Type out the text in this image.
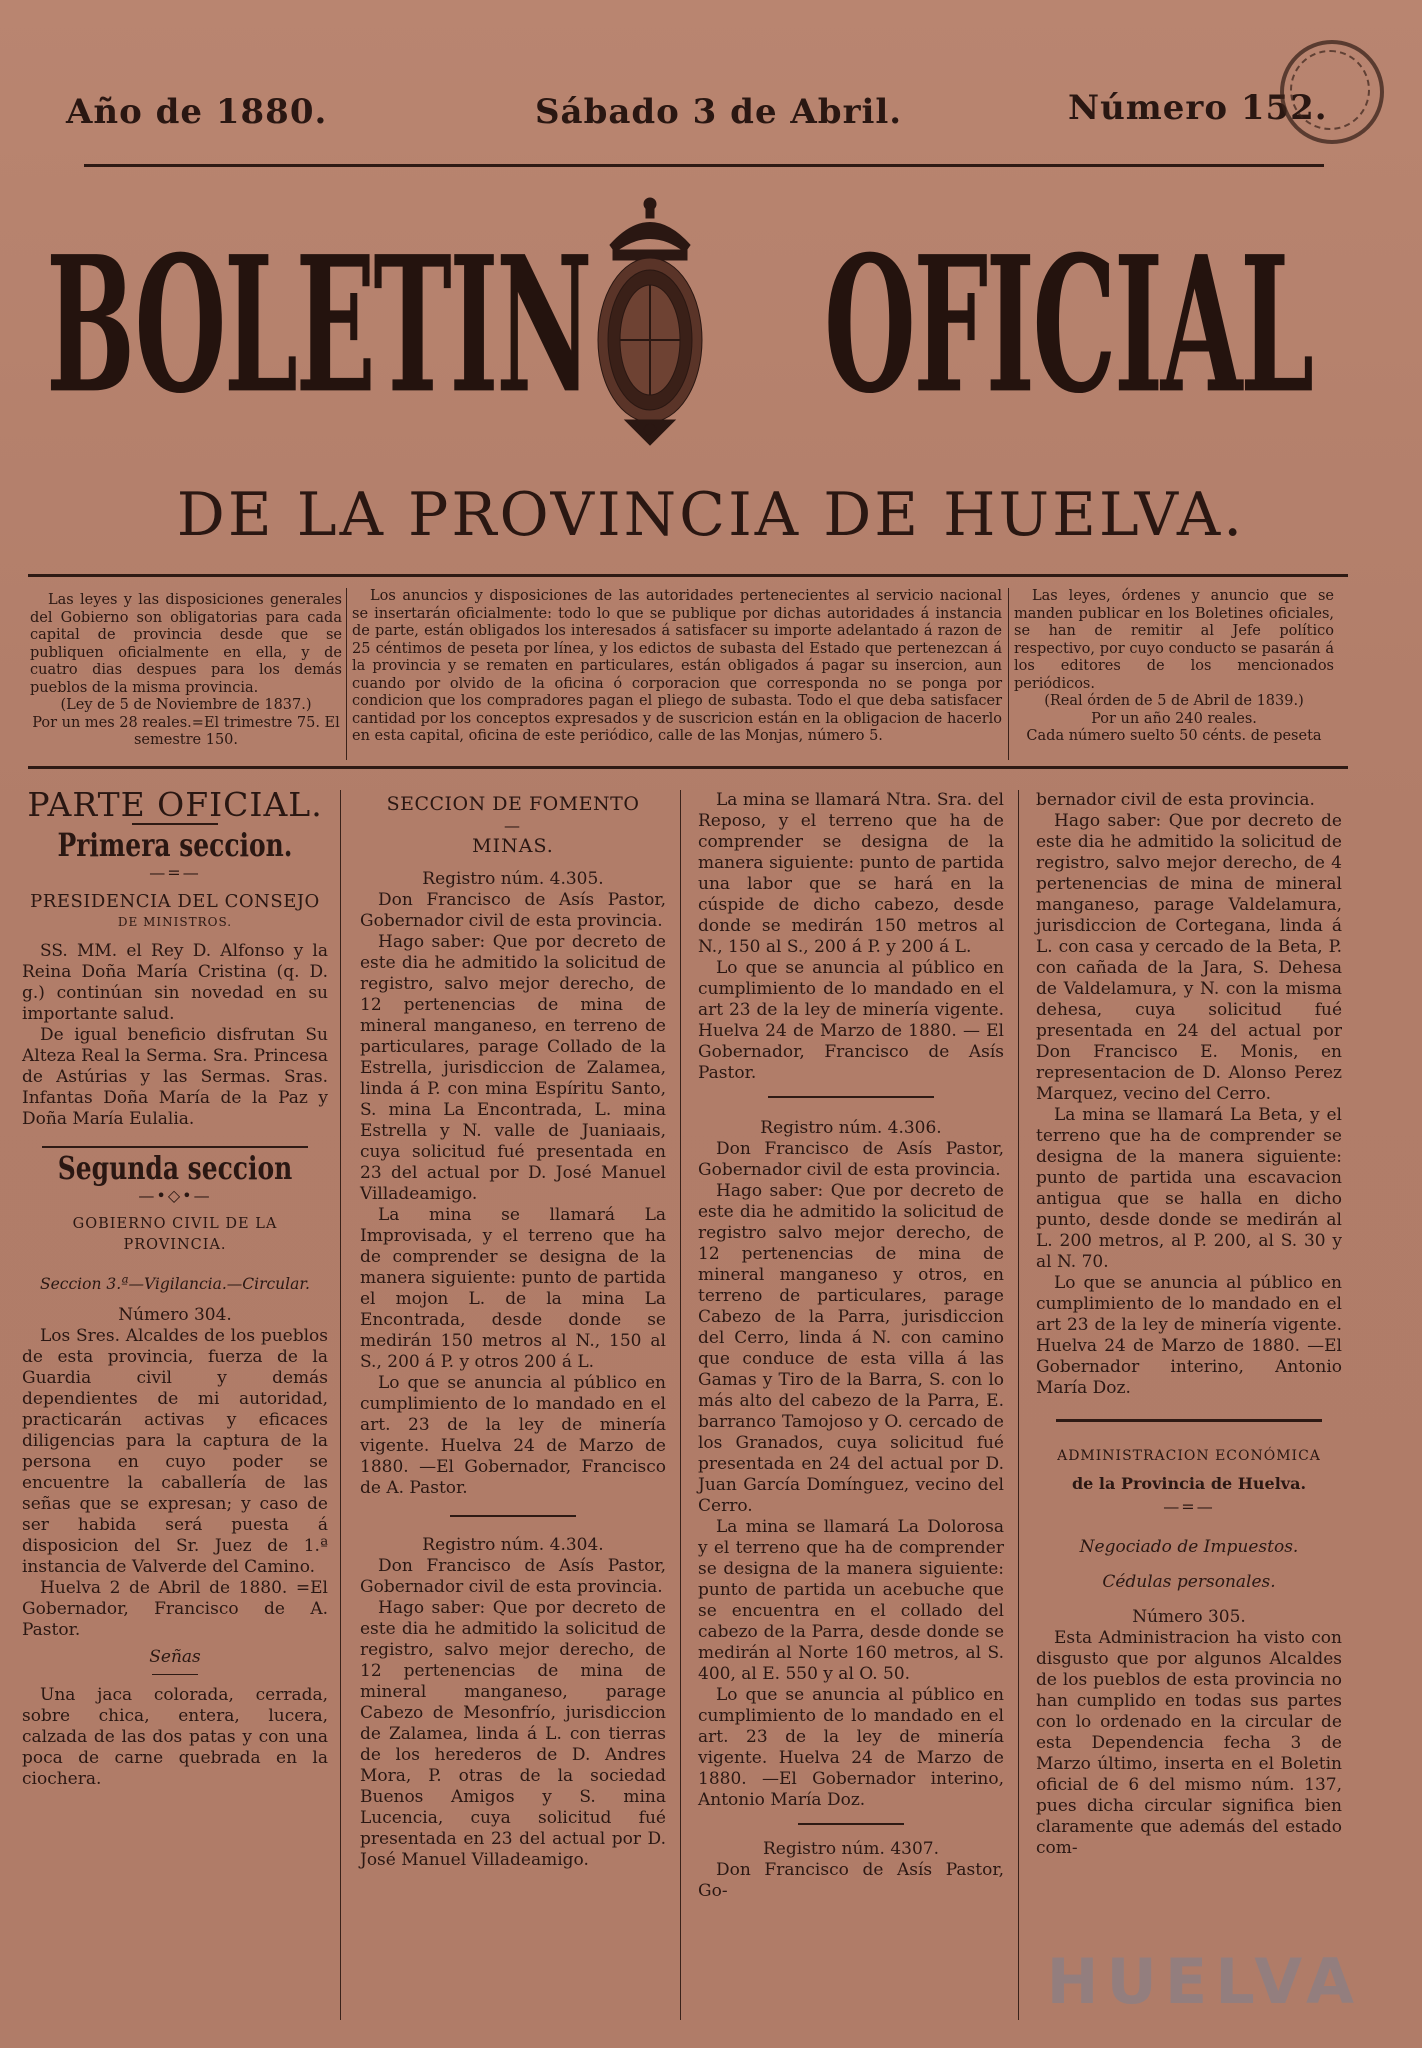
Año de 1880.	Sábado 3 de Abril.	Número 152.
BOLETIN OFICIAL
DE LA PROVINCIA DE HUELVA.

Las leyes y las disposiciones generales del Gobierno son obligatorias para cada capital de provincia desde que se publiquen oficialmente en ella, y de cuatro dias despues para los demás pueblos de la misma provincia.

(Ley de 5 de Noviembre de 1837.)

Por un mes 28 reales.=El trimestre 75. El semestre 150.

Los anuncios y disposiciones de las autoridades pertenecientes al servicio nacional se insertarán oficialmente: todo lo que se publique por dichas autoridades á instancia de parte, están obligados los interesados á satisfacer su importe adelantado á razon de 25 céntimos de peseta por línea, y los edictos de subasta del Estado que pertenezcan á la provincia y se rematen en particulares, están obligados á pagar su insercion, aun cuando por olvido de la oficina ó corporacion que corresponda no se ponga por condicion que los compradores pagan el pliego de subasta. Todo el que deba satisfacer cantidad por los conceptos expresados y de suscricion están en la obligacion de hacerlo en esta capital, oficina de este periódico, calle de las Monjas, número 5.

Las leyes, órdenes y anuncio que se manden publicar en los Boletines oficiales, se han de remitir al Jefe político respectivo, por cuyo conducto se pasarán á los editores de los mencionados periódicos.

(Real órden de 5 de Abril de 1839.)

Por un año 240 reales.

Cada número suelto 50 cénts. de peseta

PARTE OFICIAL.
Primera seccion.
—=—
PRESIDENCIA DEL CONSEJO
DE MINISTROS.

SS. MM. el Rey D. Alfonso y la Reina Doña María Cristina (q. D. g.) continúan sin novedad en su importante salud.

De igual beneficio disfrutan Su Alteza Real la Serma. Sra. Princesa de Astúrias y las Sermas. Sras. Infantas Doña María de la Paz y Doña María Eulalia.

Segunda seccion
—•◇•—
GOBIERNO CIVIL DE LA PROVINCIA.

Seccion 3.ª—Vigilancia.—Circular.

Número 304.

Los Sres. Alcaldes de los pueblos de esta provincia, fuerza de la Guardia civil y demás dependientes de mi autoridad, practicarán activas y eficaces diligencias para la captura de la persona en cuyo poder se encuentre la caballería de las señas que se expresan; y caso de ser habida será puesta á disposicion del Sr. Juez de 1.ª instancia de Valverde del Camino.

Huelva 2 de Abril de 1880. =El Gobernador, Francisco de A. Pastor.

Señas

Una jaca colorada, cerrada, sobre chica, entera, lucera, calzada de las dos patas y con una poca de carne quebrada en la ciochera.

SECCION DE FOMENTO
—
MINAS.

Registro núm. 4.305.

Don Francisco de Asís Pastor, Gobernador civil de esta provincia.

Hago saber: Que por decreto de este dia he admitido la solicitud de registro, salvo mejor derecho, de 12 pertenencias de mina de mineral manganeso, en terreno de particulares, parage Collado de la Estrella, jurisdiccion de Zalamea, linda á P. con mina Espíritu Santo, S. mina La Encontrada, L. mina Estrella y N. valle de Juaniaais, cuya solicitud fué presentada en 23 del actual por D. José Manuel Villadeamigo.

La mina se llamará La Improvisada, y el terreno que ha de comprender se designa de la manera siguiente: punto de partida el mojon L. de la mina La Encontrada, desde donde se medirán 150 metros al N., 150 al S., 200 á P. y otros 200 á L.

Lo que se anuncia al público en cumplimiento de lo mandado en el art. 23 de la ley de minería vigente. Huelva 24 de Marzo de 1880. —El Gobernador, Francisco de A. Pastor.

Registro núm. 4.304.

Don Francisco de Asís Pastor, Gobernador civil de esta provincia.

Hago saber: Que por decreto de este dia he admitido la solicitud de registro, salvo mejor derecho, de 12 pertenencias de mina de mineral manganeso, parage Cabezo de Mesonfrío, jurisdiccion de Zalamea, linda á L. con tierras de los herederos de D. Andres Mora, P. otras de la sociedad Buenos Amigos y S. mina Lucencia, cuya solicitud fué presentada en 23 del actual por D. José Manuel Villadeamigo.

La mina se llamará Ntra. Sra. del Reposo, y el terreno que ha de comprender se designa de la manera siguiente: punto de partida una labor que se hará en la cúspide de dicho cabezo, desde donde se medirán 150 metros al N., 150 al S., 200 á P. y 200 á L.

Lo que se anuncia al público en cumplimiento de lo mandado en el art 23 de la ley de minería vigente. Huelva 24 de Marzo de 1880. — El Gobernador, Francisco de Asís Pastor.

Registro núm. 4.306.

Don Francisco de Asís Pastor, Gobernador civil de esta provincia.

Hago saber: Que por decreto de este dia he admitido la solicitud de registro salvo mejor derecho, de 12 pertenencias de mina de mineral manganeso y otros, en terreno de particulares, parage Cabezo de la Parra, jurisdiccion del Cerro, linda á N. con camino que conduce de esta villa á las Gamas y Tiro de la Barra, S. con lo más alto del cabezo de la Parra, E. barranco Tamojoso y O. cercado de los Granados, cuya solicitud fué presentada en 24 del actual por D. Juan García Domínguez, vecino del Cerro.

La mina se llamará La Dolorosa y el terreno que ha de comprender se designa de la manera siguiente: punto de partida un acebuche que se encuentra en el collado del cabezo de la Parra, desde donde se medirán al Norte 160 metros, al S. 400, al E. 550 y al O. 50.

Lo que se anuncia al público en cumplimiento de lo mandado en el art. 23 de la ley de minería vigente. Huelva 24 de Marzo de 1880. —El Gobernador interino, Antonio María Doz.

Registro núm. 4307.

Don Francisco de Asís Pastor, Go-

bernador civil de esta provincia.

Hago saber: Que por decreto de este dia he admitido la solicitud de registro, salvo mejor derecho, de 4 pertenencias de mina de mineral manganeso, parage Valdelamura, jurisdiccion de Cortegana, linda á L. con casa y cercado de la Beta, P. con cañada de la Jara, S. Dehesa de Valdelamura, y N. con la misma dehesa, cuya solicitud fué presentada en 24 del actual por Don Francisco E. Monis, en representacion de D. Alonso Perez Marquez, vecino del Cerro.

La mina se llamará La Beta, y el terreno que ha de comprender se designa de la manera siguiente: punto de partida una escavacion antigua que se halla en dicho punto, desde donde se medirán al L. 200 metros, al P. 200, al S. 30 y al N. 70.

Lo que se anuncia al público en cumplimiento de lo mandado en el art 23 de la ley de minería vigente. Huelva 24 de Marzo de 1880. —El Gobernador interino, Antonio María Doz.

ADMINISTRACION ECONÓMICA
de la Provincia de Huelva.
—=—

Negociado de Impuestos.

Cédulas personales.

Número 305.

Esta Administracion ha visto con disgusto que por algunos Alcaldes de los pueblos de esta provincia no han cumplido en todas sus partes con lo ordenado en la circular de esta Dependencia fecha 3 de Marzo último, inserta en el Boletin oficial de 6 del mismo núm. 137, pues dicha circular significa bien claramente que además del estado com-

HUELVA
